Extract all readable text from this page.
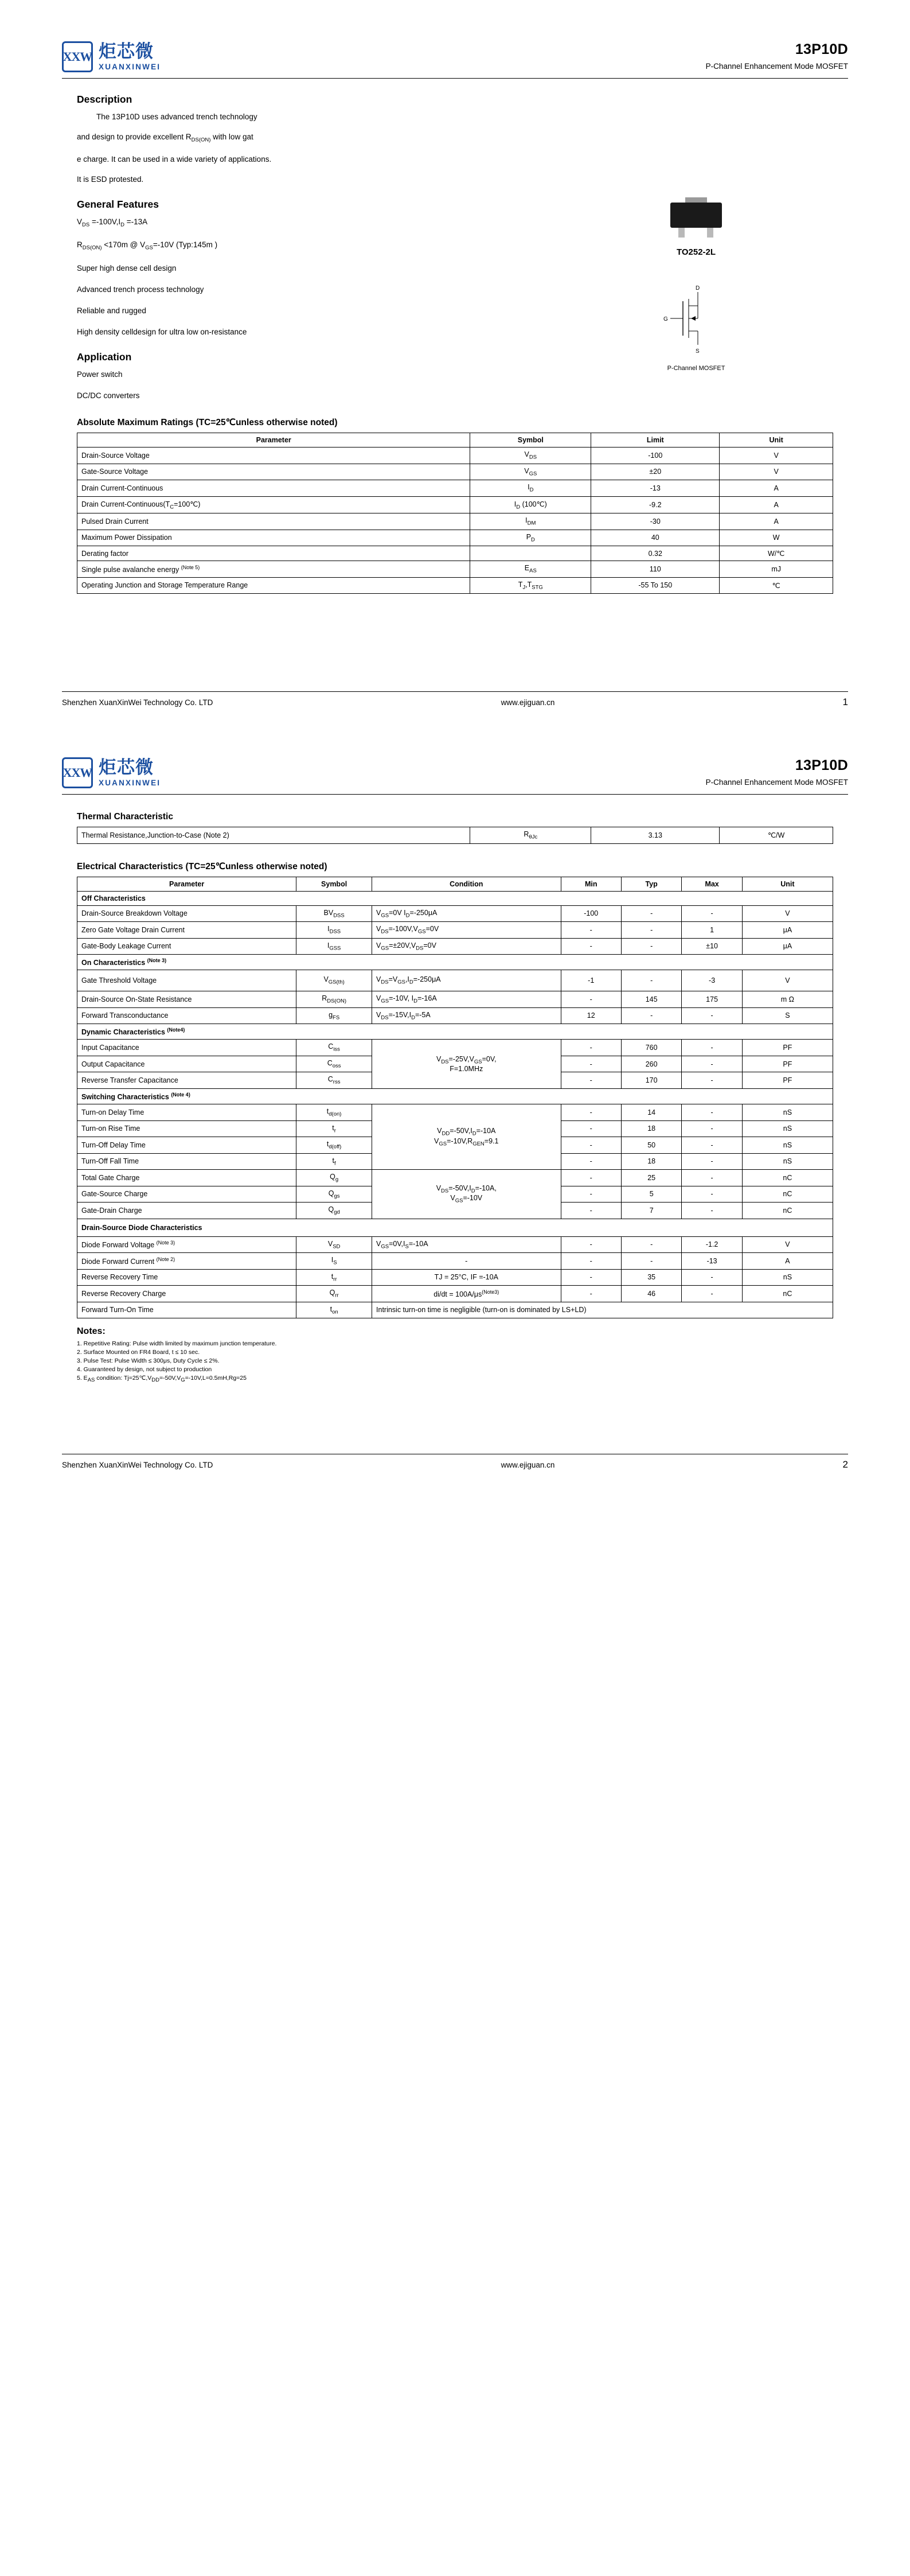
XXW 炬芯微
XUANXINWEI
13P10D
P-Channel Enhancement Mode MOSFET
Description

The 13P10D uses advanced trench technology

and design to provide excellent $R_{DS(ON)}$ with low gat

e charge. It can be used in a wide variety of applications.

It is ESD protested.

General Features

$V_{DS} =-100V,I_D =-13A$

$R_{DS(ON)} <170m$ @ $V_{GS}=-10V$ (Typ:145m )

Super high dense cell design

Advanced trench process technology

Reliable and rugged

High density celldesign for ultra low on-resistance

Application

Power switch

DC/DC converters

TO252-2L
D
G
S
P-Channel MOSFET
Absolute Maximum Ratings (TC=25℃unless otherwise noted)
Parameter	Symbol	Limit	Unit
Drain-Source Voltage	$V_{DS}$	-100	V
Gate-Source Voltage	$V_{GS}$	±20	V
Drain Current-Continuous	$I_D$	-13	A
Drain Current-$Continuous(T_C=100℃)$	$I_D$ (100℃)	-9.2	A
Pulsed Drain Current	$I_{DM}$	-30	A
Maximum Power Dissipation	$P_D$	40	W
Derating factor		0.32	W/℃
Single pulse avalanche energy $^{(Note 5)}$	$E_{AS}$	110	mJ
Operating Junction and Storage Temperature Range	$T_J,T_{STG}$	-55 To 150	℃
Shenzhen XuanXinWei Technology Co. LTD	www.ejiguan.cn	1
XXW 炬芯微
XUANXINWEI
13P10D
P-Channel Enhancement Mode MOSFET
Thermal Characteristic
Thermal Resistance,Junction-to-Case (Note 2)	$R_{\theta Jc}$	3.13	℃/W
Electrical Characteristics (TC=25℃unless otherwise noted)
Parameter	Symbol	Condition	Min	Typ	Max	Unit
Off Characteristics						
Drain-Source Breakdown Voltage	$BV_{DSS}$	$V_{GS}=0V$ $I_D=-250\mu A$	-100	-	-	V
Zero Gate Voltage Drain Current	$I_{DSS}$	$V_{DS}=-100V,V_{GS}=0V$	-	-	1	μA
Gate-Body Leakage Current	$I_{GSS}$	$V_{GS}=\pm 20V,V_{DS}=0V$	-	-	±10	μA
On Characteristics $^{(Note 3)}$
Gate Threshold Voltage	$V_{GS(th)}$	$V_{DS}=V_{GS},I_D=-250\mu A$	-1	-	-3	V
Drain-Source On-State Resistance	$R_{DS(ON)}$	$V_{GS}=-10V$, $I_D=-16A$	-	145	175	m Ω
Forward Transconductance	$g_{FS}$	$V_{DS}=-15V,I_D=-5A$	12	-	-	S
Dynamic Characteristics $^{(Note4)}$
Input Capacitance	$C_{iss}$	$V_{DS}=-25V,V_{GS}=0V$,
F=1.0MHz	-	760	-	PF
Output Capacitance	$C_{oss}$		-	260	-	PF
Reverse Transfer Capacitance	$C_{rss}$		-	170	-	PF
Switching Characteristics $^{(Note 4)}$
Turn-on Delay Time	$t_{d(on)}$	$V_{DD}=-50V,I_D=-10A$
$V_{GS}=-10V,R_{GEN}=9.1$	-	14	-	nS
Turn-on Rise Time	$t_r$		-	18	-	nS
Turn-Off Delay Time	$t_{d(off)}$		-	50	-	nS
Turn-Off Fall Time	$t_f$		-	18	-	nS
Total Gate Charge	$Q_g$	$V_{DS}=-50V,I_D=-10A$,
$V_{GS}=-10V$	-	25	-	nC
Gate-Source Charge	$Q_{gs}$		-	5	-	nC
Gate-Drain Charge	$Q_{gd}$		-	7	-	nC
Drain-Source Diode Characteristics						
Diode Forward Voltage $^{(Note 3)}$	$V_{SD}$	$V_{GS}=0V,I_S=-10A$	-	-	-1.2	V
Diode Forward Current $^{(Note 2)}$	$I_S$	-	-	-	-13	A
Reverse Recovery Time	$t_{rr}$	TJ = 25°C, IF =-10A	-	35	-	nS
Reverse Recovery Charge	$Q_{rr}$	$di/dt = 100A/\mu s^{(Note3)}$	-	46	-	nC
Forward Turn-On Time	$t_{on}$	Intrinsic turn-on time is negligible (turn-on is dominated by LS+LD)				
Notes:

1. Repetitive Rating: Pulse width limited by maximum junction temperature.

2. Surface Mounted on FR4 Board, t ≤ 10 sec.

3. Pulse Test: Pulse Width ≤ 300μs, Duty Cycle ≤ 2%.

4. Guaranteed by design, not subject to production

5. $E_{AS}$ condition: $Tj=25℃,V_{DD}=-50V,V_G=-10V,L=0.5mH,Rg=25$

Shenzhen XuanXinWei Technology Co. LTD	www.ejiguan.cn	2
